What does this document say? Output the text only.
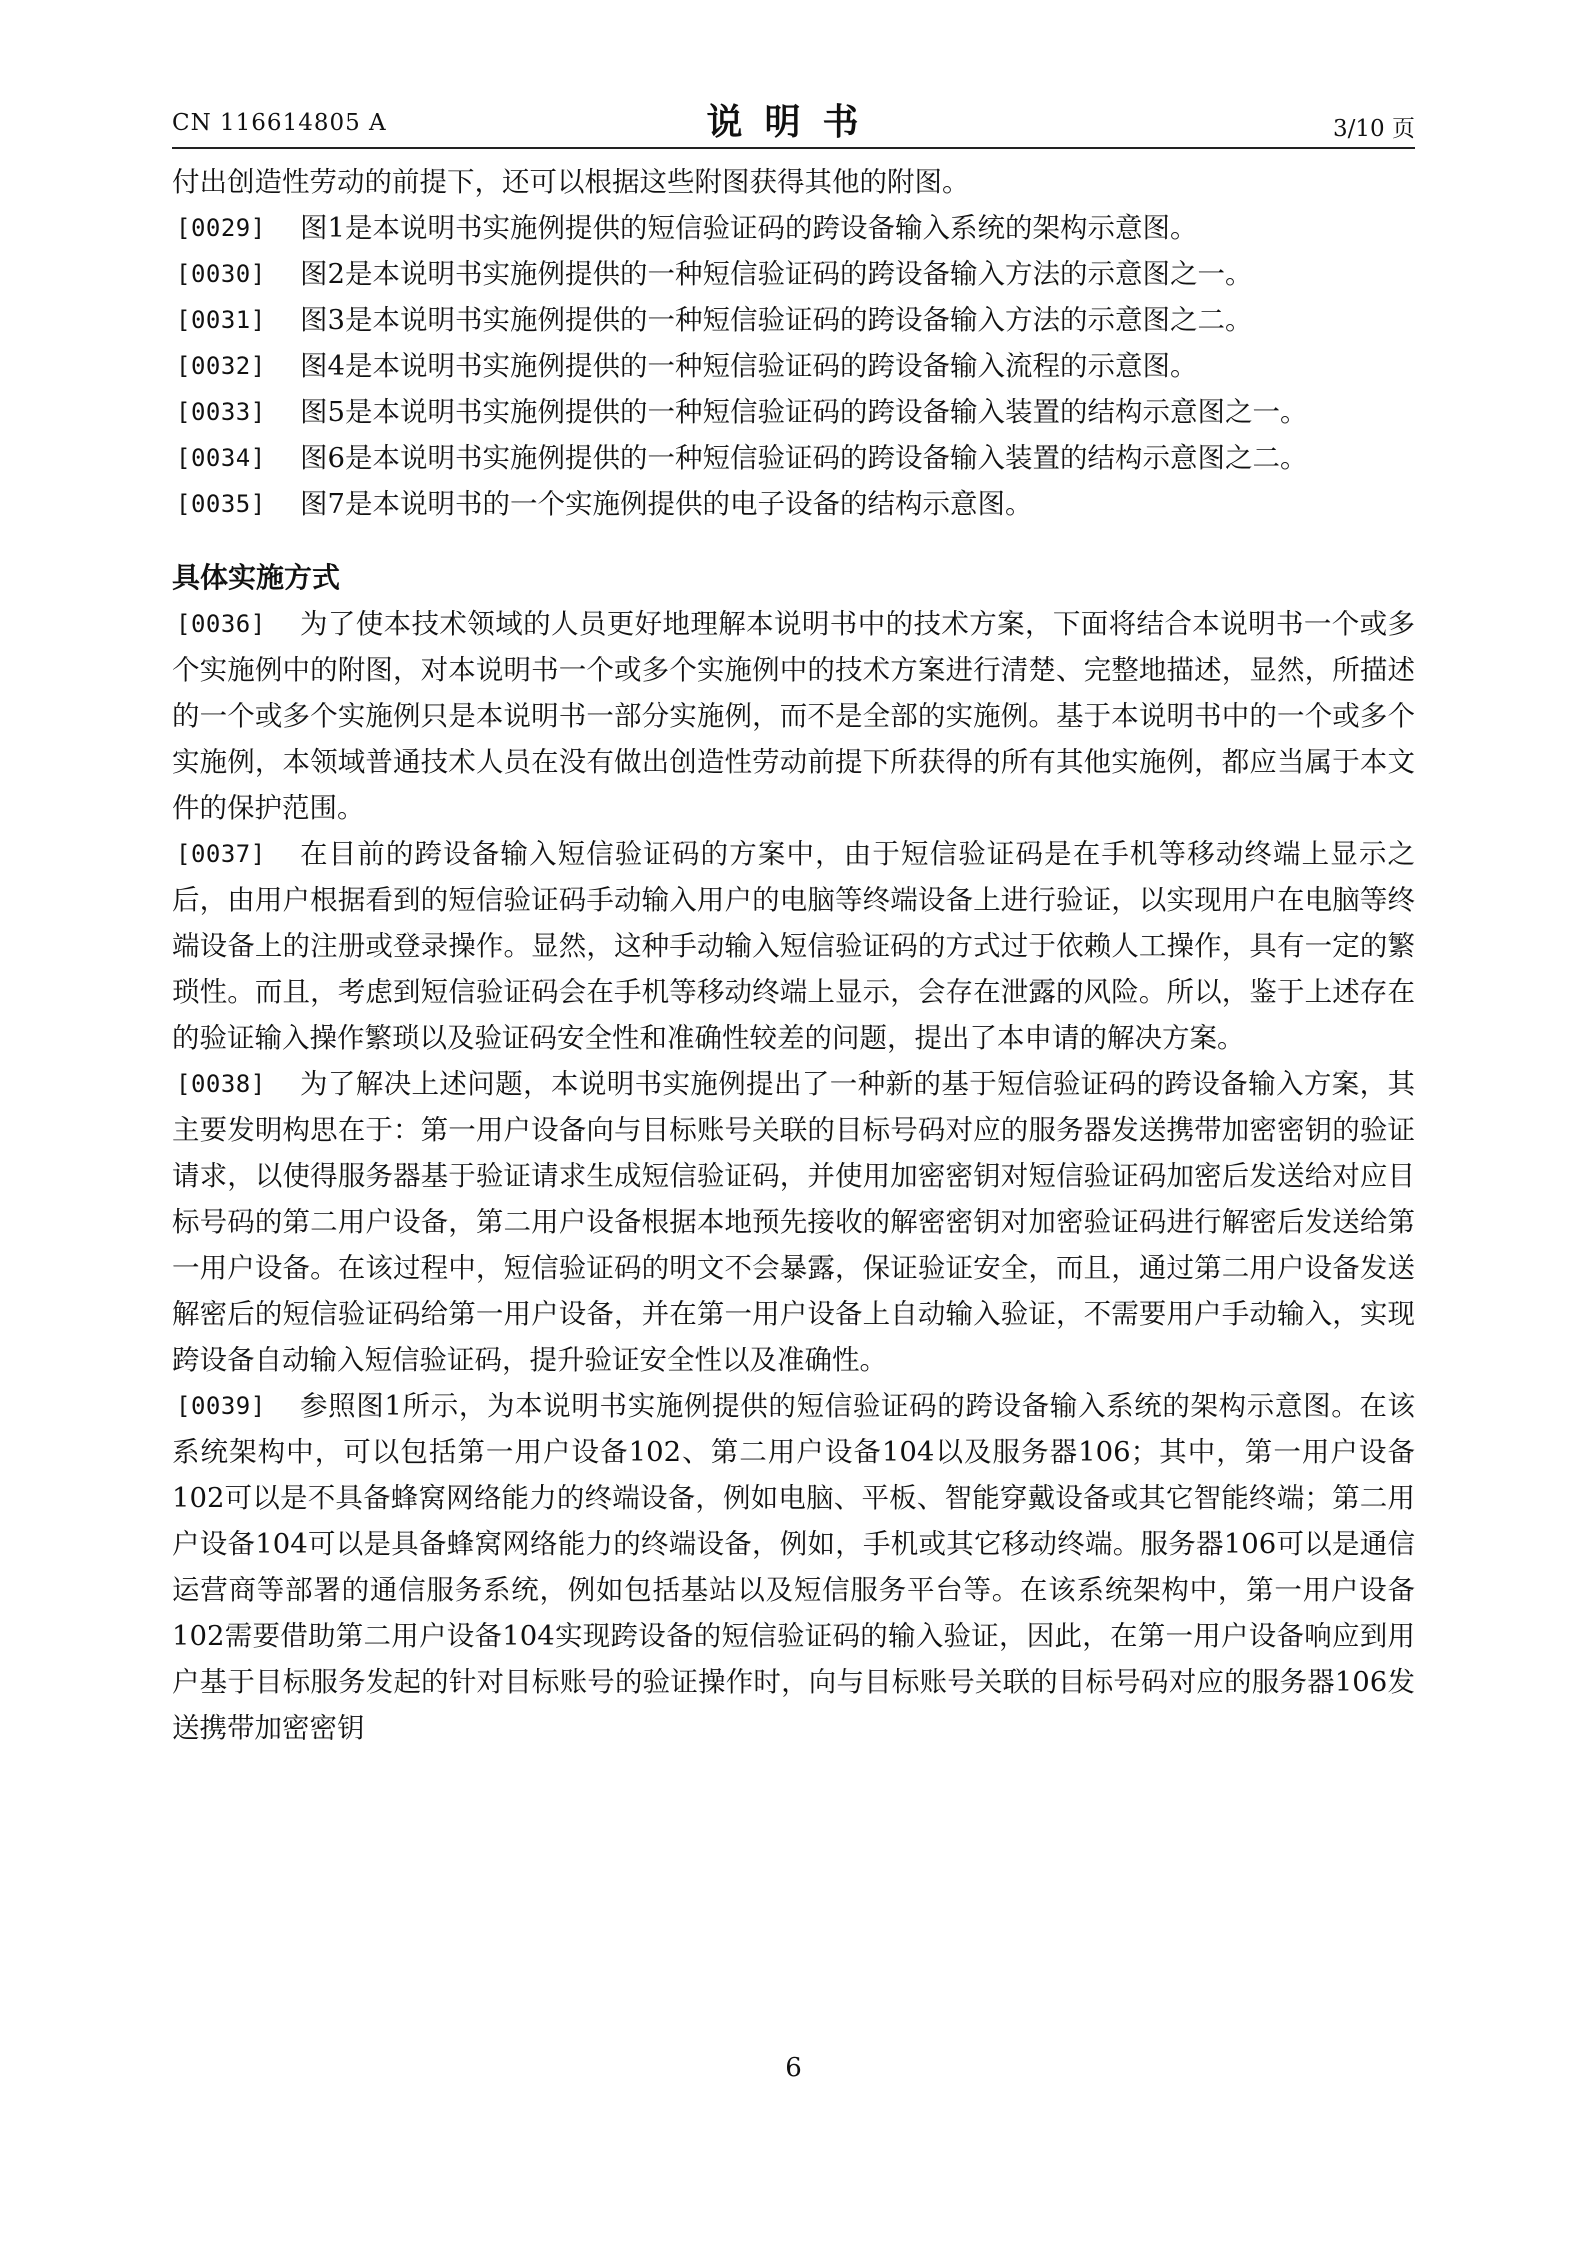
CN 116614805 A	说明书	3/10 页
付出创造性劳动的前提下，还可以根据这些附图获得其他的附图。
[0029]	图1是本说明书实施例提供的短信验证码的跨设备输入系统的架构示意图。
[0030]	图2是本说明书实施例提供的一种短信验证码的跨设备输入方法的示意图之一。
[0031]	图3是本说明书实施例提供的一种短信验证码的跨设备输入方法的示意图之二。
[0032]	图4是本说明书实施例提供的一种短信验证码的跨设备输入流程的示意图。
[0033]	图5是本说明书实施例提供的一种短信验证码的跨设备输入装置的结构示意图之一。
[0034]	图6是本说明书实施例提供的一种短信验证码的跨设备输入装置的结构示意图之二。
[0035]	图7是本说明书的一个实施例提供的电子设备的结构示意图。
具体实施方式
[0036]	为了使本技术领域的人员更好地理解本说明书中的技术方案，下面将结合本说明书一个或多个实施例中的附图，对本说明书一个或多个实施例中的技术方案进行清楚、完整地描述，显然，所描述的一个或多个实施例只是本说明书一部分实施例，而不是全部的实施例。基于本说明书中的一个或多个实施例，本领域普通技术人员在没有做出创造性劳动前提下所获得的所有其他实施例，都应当属于本文件的保护范围。
[0037]	在目前的跨设备输入短信验证码的方案中，由于短信验证码是在手机等移动终端上显示之后，由用户根据看到的短信验证码手动输入用户的电脑等终端设备上进行验证，以实现用户在电脑等终端设备上的注册或登录操作。显然，这种手动输入短信验证码的方式过于依赖人工操作，具有一定的繁琐性。而且，考虑到短信验证码会在手机等移动终端上显示，会存在泄露的风险。所以，鉴于上述存在的验证输入操作繁琐以及验证码安全性和准确性较差的问题，提出了本申请的解决方案。
[0038]	为了解决上述问题，本说明书实施例提出了一种新的基于短信验证码的跨设备输入方案，其主要发明构思在于：第一用户设备向与目标账号关联的目标号码对应的服务器发送携带加密密钥的验证请求，以使得服务器基于验证请求生成短信验证码，并使用加密密钥对短信验证码加密后发送给对应目标号码的第二用户设备，第二用户设备根据本地预先接收的解密密钥对加密验证码进行解密后发送给第一用户设备。在该过程中，短信验证码的明文不会暴露，保证验证安全，而且，通过第二用户设备发送解密后的短信验证码给第一用户设备，并在第一用户设备上自动输入验证，不需要用户手动输入，实现跨设备自动输入短信验证码，提升验证安全性以及准确性。
[0039]	参照图1所示，为本说明书实施例提供的短信验证码的跨设备输入系统的架构示意图。在该系统架构中，可以包括第一用户设备102、第二用户设备104以及服务器106；其中，第一用户设备102可以是不具备蜂窝网络能力的终端设备，例如电脑、平板、智能穿戴设备或其它智能终端；第二用户设备104可以是具备蜂窝网络能力的终端设备，例如，手机或其它移动终端。服务器106可以是通信运营商等部署的通信服务系统，例如包括基站以及短信服务平台等。在该系统架构中，第一用户设备102需要借助第二用户设备104实现跨设备的短信验证码的输入验证，因此，在第一用户设备响应到用户基于目标服务发起的针对目标账号的验证操作时，向与目标账号关联的目标号码对应的服务器106发送携带加密密钥
6
